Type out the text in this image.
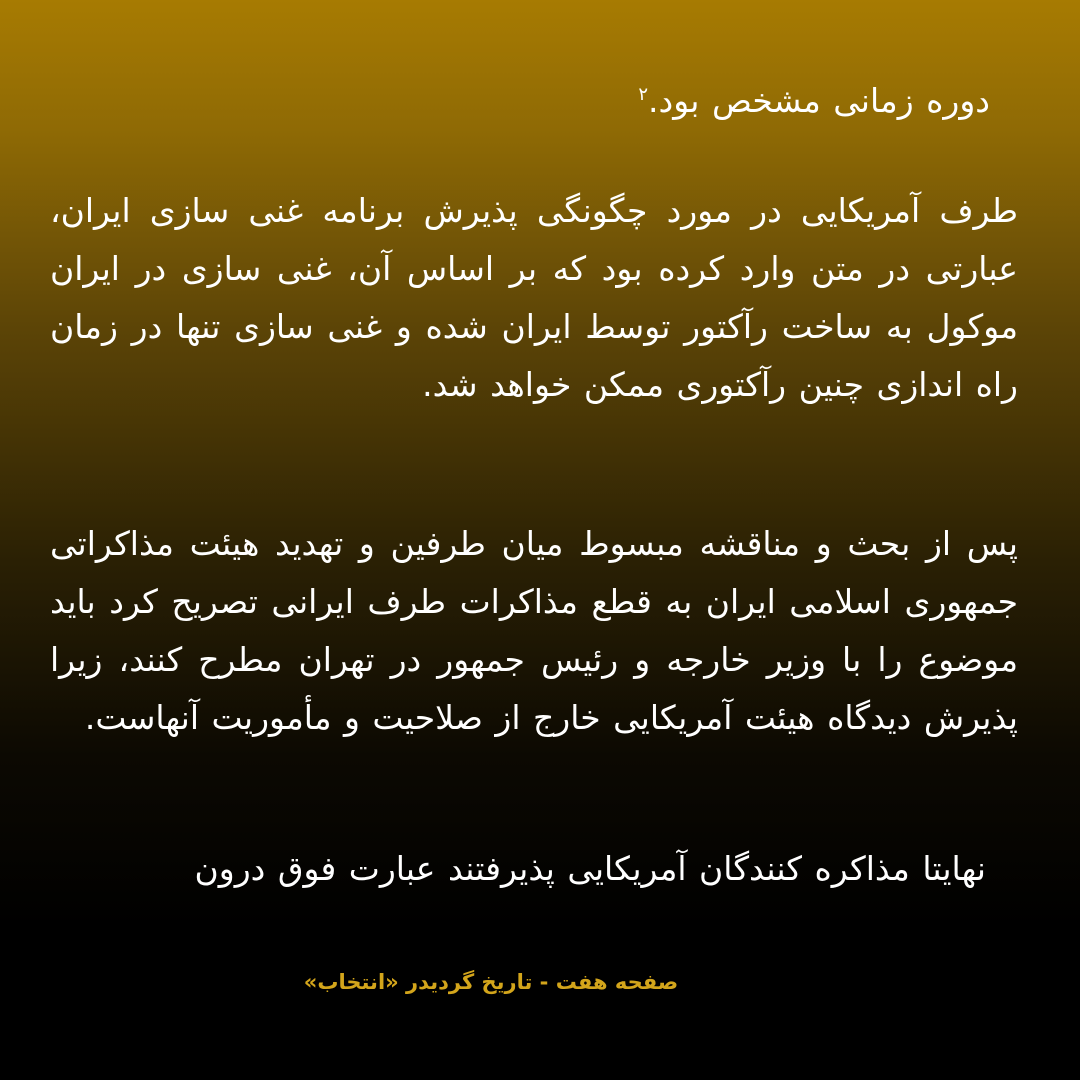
دوره زمانی مشخص بود.$^۲$

طرف آمریکایی در مورد چگونگی پذیرش برنامه غنی سازی ایران، عبارتی در متن وارد کرده بود که بر اساس آن، غنی سازی در ایران موکول به ساخت رآکتور توسط ایران شده و غنی سازی تنها در زمان راه اندازی چنین رآکتوری ممکن خواهد شد.

پس از بحث و مناقشه مبسوط میان طرفین و تهدید هیئت مذاکراتی جمهوری اسلامی ایران به قطع مذاکرات طرف ایرانی تصریح کرد باید موضوع را با وزیر خارجه و رئیس جمهور در تهران مطرح کنند، زیرا پذیرش دیدگاه هیئت آمریکایی خارج از صلاحیت و مأموریت آنهاست.

نهایتا مذاکره کنندگان آمریکایی پذیرفتند عبارت فوق درون

صفحه هفت - تاریخ گردیدر «انتخاب»
